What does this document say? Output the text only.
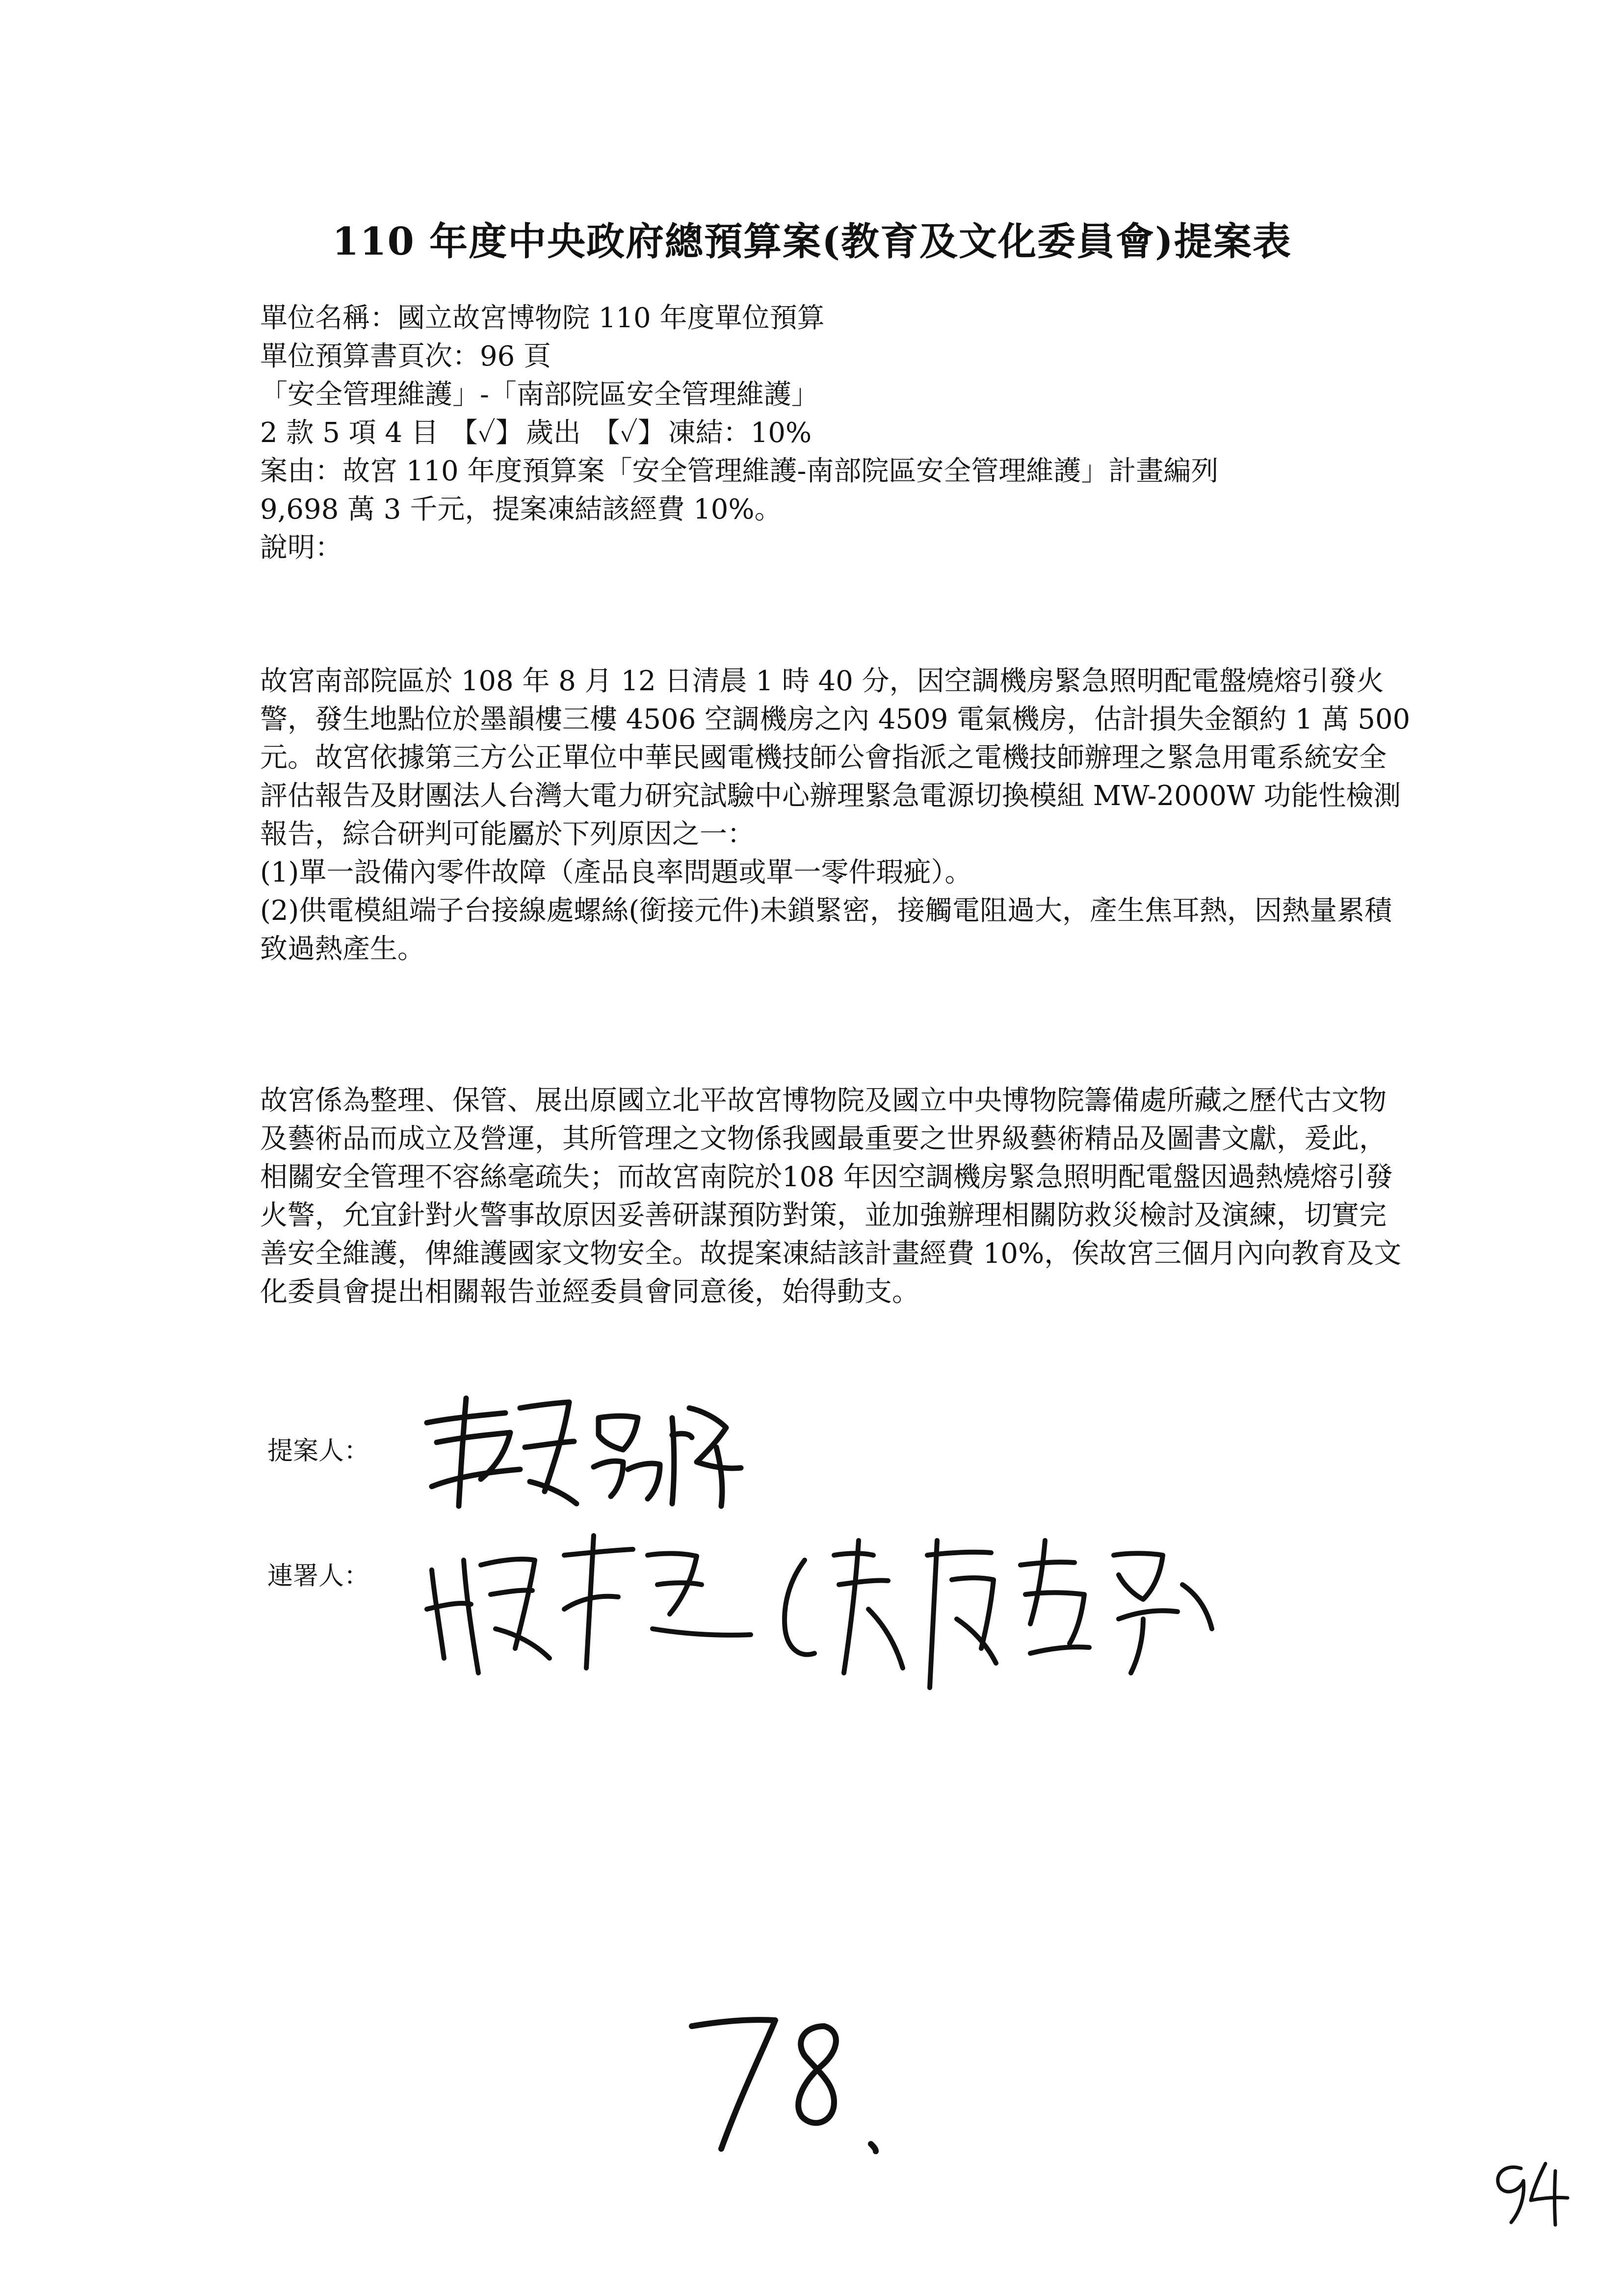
110 年度中央政府總預算案(教育及文化委員會)提案表
單位名稱：國立故宮博物院 110 年度單位預算
單位預算書頁次：96 頁
「安全管理維護」-「南部院區安全管理維護」
2 款 5 項 4 目 【✓】 歲出 【✓】 凍結：10%
案由：故宮 110 年度預算案「安全管理維護-南部院區安全管理維護」計畫編列
9,698 萬 3 千元，提案凍結該經費 10%。
說明：
故宮南部院區於 108 年 8 月 12 日清晨 1 時 40 分，因空調機房緊急照明配電盤燒熔引發火警，發生地點位於墨韻樓三樓 4506 空調機房之內 4509 電氣機房，估計損失金額約 1 萬 500 元。故宮依據第三方公正單位中華民國電機技師公會指派之電機技師辦理之緊急用電系統安全評估報告及財團法人台灣大電力研究試驗中心辦理緊急電源切換模組 MW-2000W 功能性檢測報告，綜合研判可能屬於下列原因之一：
(1)單一設備內零件故障（產品良率問題或單一零件瑕疵）。
(2)供電模組端子台接線處螺絲(銜接元件)未鎖緊密，接觸電阻過大，產生焦耳熱，因熱量累積致過熱產生。
故宮係為整理、保管、展出原國立北平故宮博物院及國立中央博物院籌備處所藏之歷代古文物及藝術品而成立及營運，其所管理之文物係我國最重要之世界級藝術精品及圖書文獻，爰此，相關安全管理不容絲毫疏失；而故宮南院於108 年因空調機房緊急照明配電盤因過熱燒熔引發火警，允宜針對火警事故原因妥善研謀預防對策，並加強辦理相關防救災檢討及演練，切實完善安全維護，俾維護國家文物安全。故提案凍結該計畫經費 10%，俟故宮三個月內向教育及文化委員會提出相關報告並經委員會同意後，始得動支。
提案人：
連署人：
